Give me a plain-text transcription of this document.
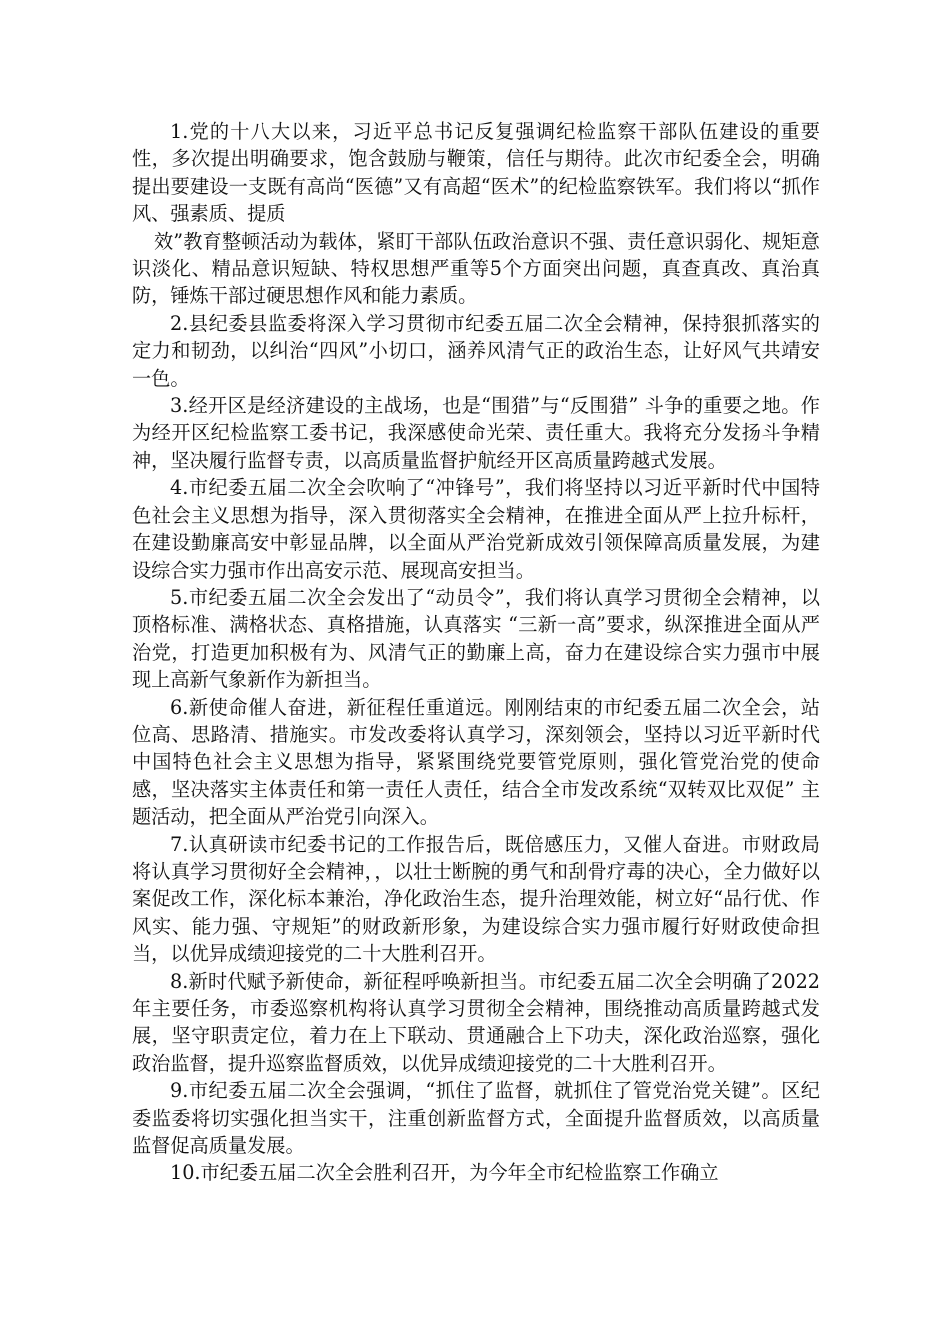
1.党的十八大以来，习近平总书记反复强调纪检监察干部队伍建设的重要性，多次提出明确要求，饱含鼓励与鞭策，信任与期待。此次市纪委全会，明确提出要建设一支既有高尚“医德”又有高超“医术”的纪检监察铁军。我们将以“抓作风、强素质、提质

效”教育整顿活动为载体，紧盯干部队伍政治意识不强、责任意识弱化、规矩意识淡化、精品意识短缺、特权思想严重等5个方面突出问题，真查真改、真治真防，锤炼干部过硬思想作风和能力素质。

2.县纪委县监委将深入学习贯彻市纪委五届二次全会精神，保持狠抓落实的定力和韧劲，以纠治“四风”小切口，涵养风清气正的政治生态，让好风气共靖安一色。

3.经开区是经济建设的主战场，也是“围猎”与“反围猎” 斗争的重要之地。作为经开区纪检监察工委书记，我深感使命光荣、责任重大。我将充分发扬斗争精神，坚决履行监督专责，以高质量监督护航经开区高质量跨越式发展。

4.市纪委五届二次全会吹响了“冲锋号”，我们将坚持以习近平新时代中国特色社会主义思想为指导，深入贯彻落实全会精神，在推进全面从严上拉升标杆，在建设勤廉高安中彰显品牌，以全面从严治党新成效引领保障高质量发展，为建设综合实力强市作出高安示范、展现高安担当。

5.市纪委五届二次全会发出了“动员令”，我们将认真学习贯彻全会精神，以顶格标准、满格状态、真格措施，认真落实 “三新一高”要求，纵深推进全面从严治党，打造更加积极有为、风清气正的勤廉上高，奋力在建设综合实力强市中展现上高新气象新作为新担当。

6.新使命催人奋进，新征程任重道远。刚刚结束的市纪委五届二次全会，站位高、思路清、措施实。市发改委将认真学习，深刻领会，坚持以习近平新时代中国特色社会主义思想为指导，紧紧围绕党要管党原则，强化管党治党的使命感，坚决落实主体责任和第一责任人责任，结合全市发改系统“双转双比双促” 主题活动，把全面从严治党引向深入。

7.认真研读市纪委书记的工作报告后，既倍感压力，又催人奋进。市财政局将认真学习贯彻好全会精神，，以壮士断腕的勇气和刮骨疗毒的决心，全力做好以案促改工作，深化标本兼治，净化政治生态，提升治理效能，树立好“品行优、作风实、能力强、守规矩”的财政新形象，为建设综合实力强市履行好财政使命担当，以优异成绩迎接党的二十大胜利召开。

8.新时代赋予新使命，新征程呼唤新担当。市纪委五届二次全会明确了2022年主要任务，市委巡察机构将认真学习贯彻全会精神，围绕推动高质量跨越式发展，坚守职责定位，着力在上下联动、贯通融合上下功夫，深化政治巡察，强化政治监督，提升巡察监督质效，以优异成绩迎接党的二十大胜利召开。

9.市纪委五届二次全会强调，“抓住了监督，就抓住了管党治党关键”。区纪委监委将切实强化担当实干，注重创新监督方式，全面提升监督质效，以高质量监督促高质量发展。

10.市纪委五届二次全会胜利召开，为今年全市纪检监察工作确立
